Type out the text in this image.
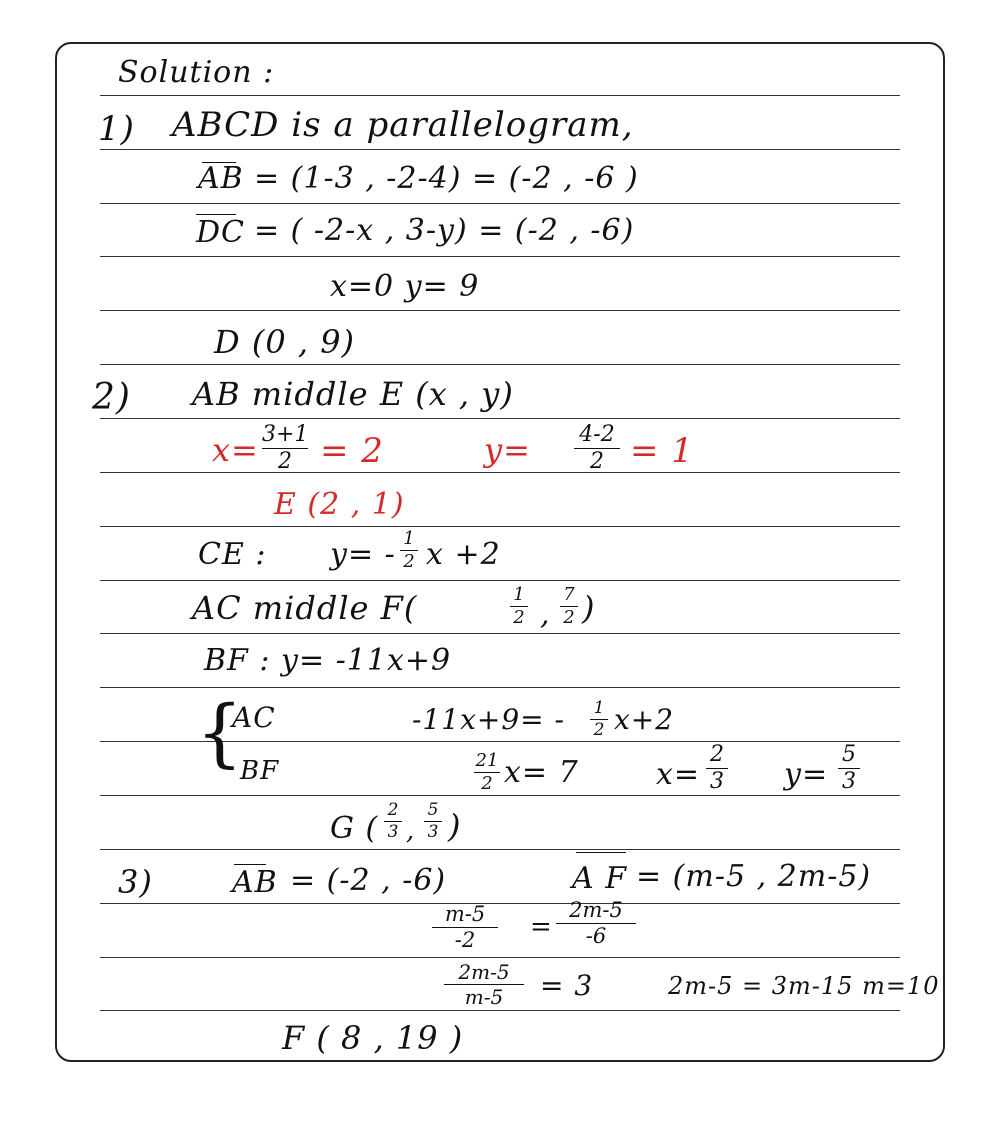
Solution :
1) ABCD is a parallelogram,
AB = (1-3 , -2-4) = (-2 , -6 )
DC = ( -2-x , 3-y) = (-2 , -6)
x=0 y= 9
D (0 , 9)
2) AB middle E (x , y)
x= 3+1
2 = 2	y= 4-2
2 = 1
E (2 , 1)
CE : y= - 1
2 x +2
AC middle F(	1
2 ,
7
2 )
BF : y= -11x+9
{
AC
BF
-11x+9= - 1
2 x+2
21
2 x= 7	x=
2
3 y=
5
3
G (
2
3 ,
5
3 )
3)	AB = (-2 , -6)	A F = (m-5 , 2m-5)
m-5
-2	=
2m-5
-6
2m-5
m-5	= 3	2m-5 = 3m-15 m=10
F ( 8 , 19 )
